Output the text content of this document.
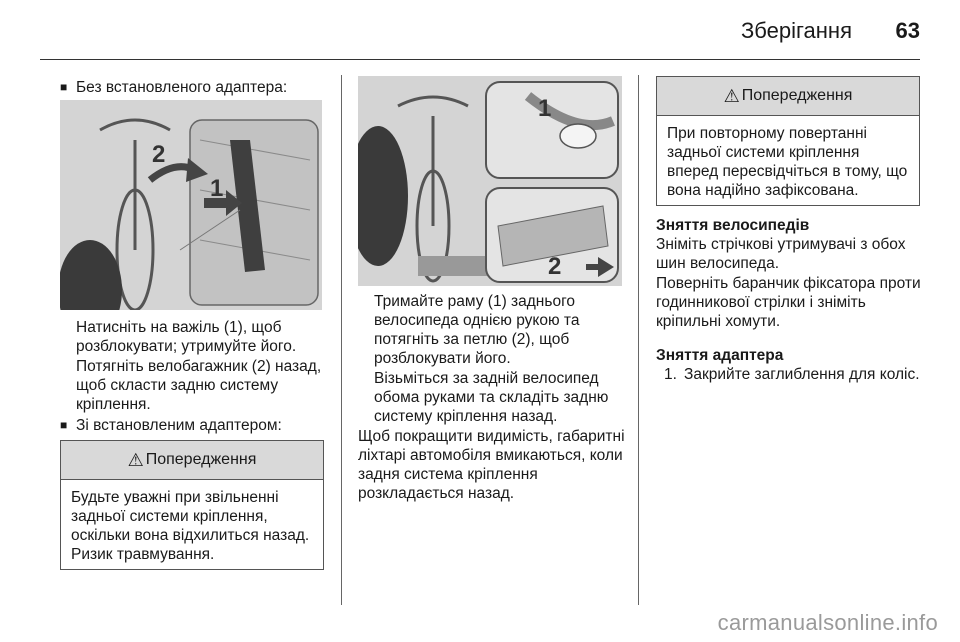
Зберігання 63
■ Без встановленого адаптера:
2
1
Натисніть на важіль (1), щоб розблокувати; утримуйте його.
Потягніть велобагажник (2) назад, щоб скласти задню систему кріплення.
■ Зі встановленим адаптером:
⚠ Попередження
Будьте уважні при звільненні задньої системи кріплення, оскільки вона відхилиться назад. Ризик травмування.
1
2
Тримайте раму (1) заднього велосипеда однією рукою та потягніть за петлю (2), щоб розблокувати його.
Візьміться за задній велосипед обома руками та складіть задню систему кріплення назад.
Щоб покращити видимість, габаритні ліхтарі автомобіля вмикаються, коли задня система кріплення розкладається назад.
⚠ Попередження
При повторному повертанні задньої системи кріплення вперед пересвідчіться в тому, що вона надійно зафіксована.
Зняття велосипедів
Зніміть стрічкові утримувачі з обох шин велосипеда.
Поверніть баранчик фіксатора проти годинникової стрілки і зніміть кріпильні хомути.
Зняття адаптера
1. Закрийте заглиблення для коліс.
carmanualsonline.info
